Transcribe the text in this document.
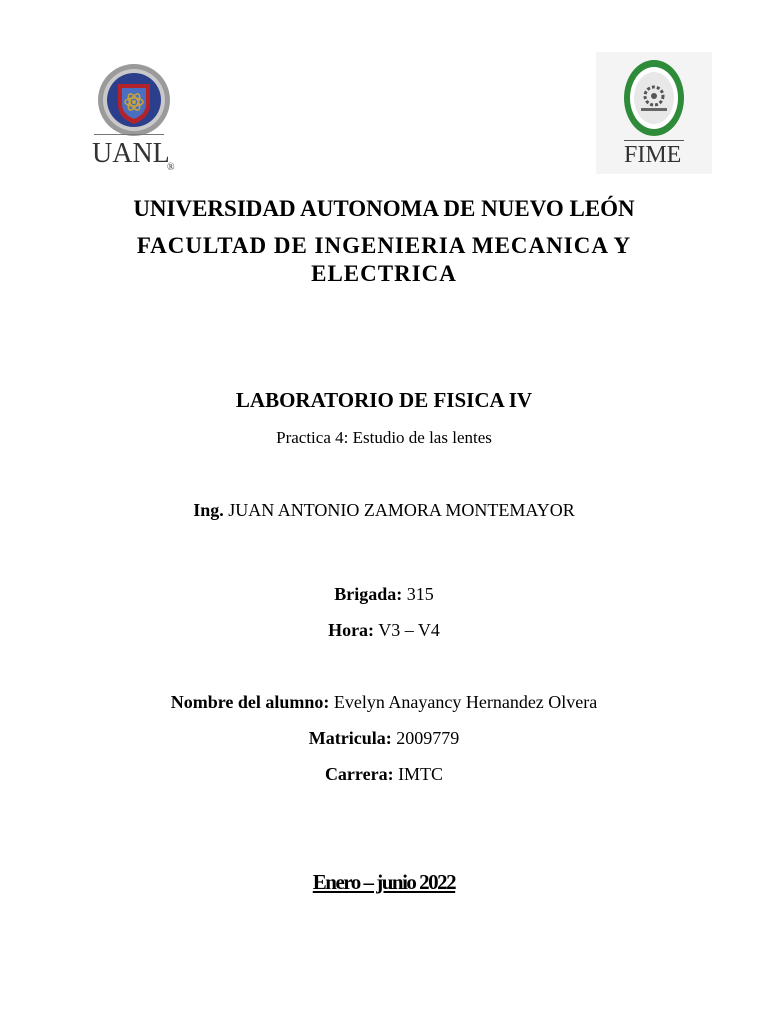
UANL
®	FIME
UNIVERSIDAD AUTONOMA DE NUEVO LEÓN
FACULTAD DE INGENIERIA MECANICA Y
ELECTRICA
LABORATORIO DE FISICA IV
Practica 4: Estudio de las lentes
Ing. JUAN ANTONIO ZAMORA MONTEMAYOR
Brigada: 315
Hora: V3 – V4
Nombre del alumno: Evelyn Anayancy Hernandez Olvera
Matricula: 2009779
Carrera: IMTC
Enero – junio 2022
